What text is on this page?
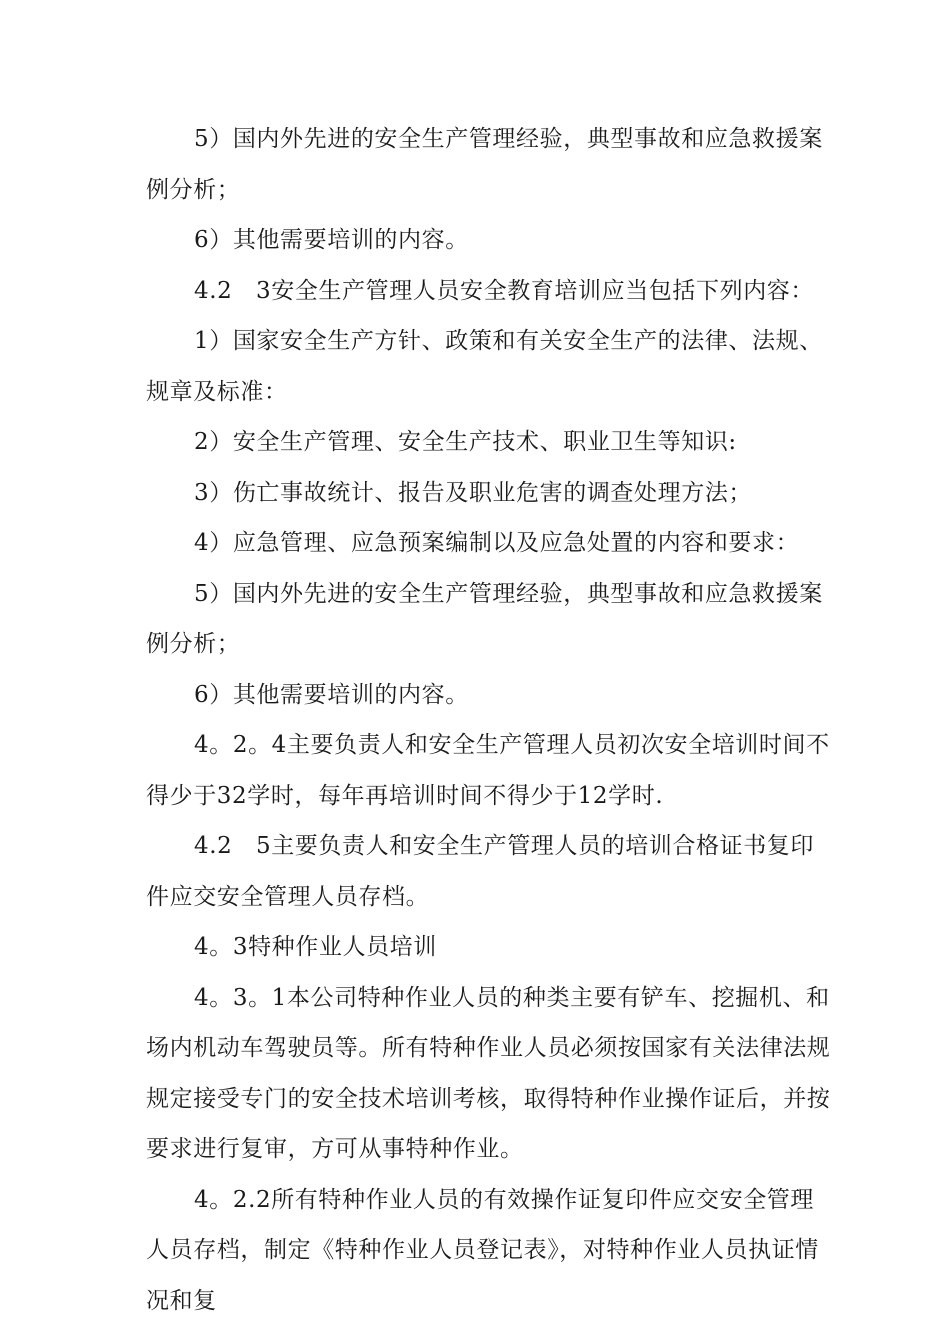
5）国内外先进的安全生产管理经验，典型事故和应急救援案例分析；

6）其他需要培训的内容。

4.2　3安全生产管理人员安全教育培训应当包括下列内容：

1）国家安全生产方针、政策和有关安全生产的法律、法规、规章及标准：

2）安全生产管理、安全生产技术、职业卫生等知识:

3）伤亡事故统计、报告及职业危害的调查处理方法；

4）应急管理、应急预案编制以及应急处置的内容和要求：

5）国内外先进的安全生产管理经验，典型事故和应急救援案例分析；

6）其他需要培训的内容。

4。2。4主要负责人和安全生产管理人员初次安全培训时间不得少于32学时，每年再培训时间不得少于12学时.

4.2　5主要负责人和安全生产管理人员的培训合格证书复印件应交安全管理人员存档。

4。3特种作业人员培训

4。3。1本公司特种作业人员的种类主要有铲车、挖掘机、和场内机动车驾驶员等。所有特种作业人员必须按国家有关法律法规规定接受专门的安全技术培训考核，取得特种作业操作证后，并按要求进行复审，方可从事特种作业。

4。2.2所有特种作业人员的有效操作证复印件应交安全管理人员存档，制定《特种作业人员登记表》，对特种作业人员执证情况和复
